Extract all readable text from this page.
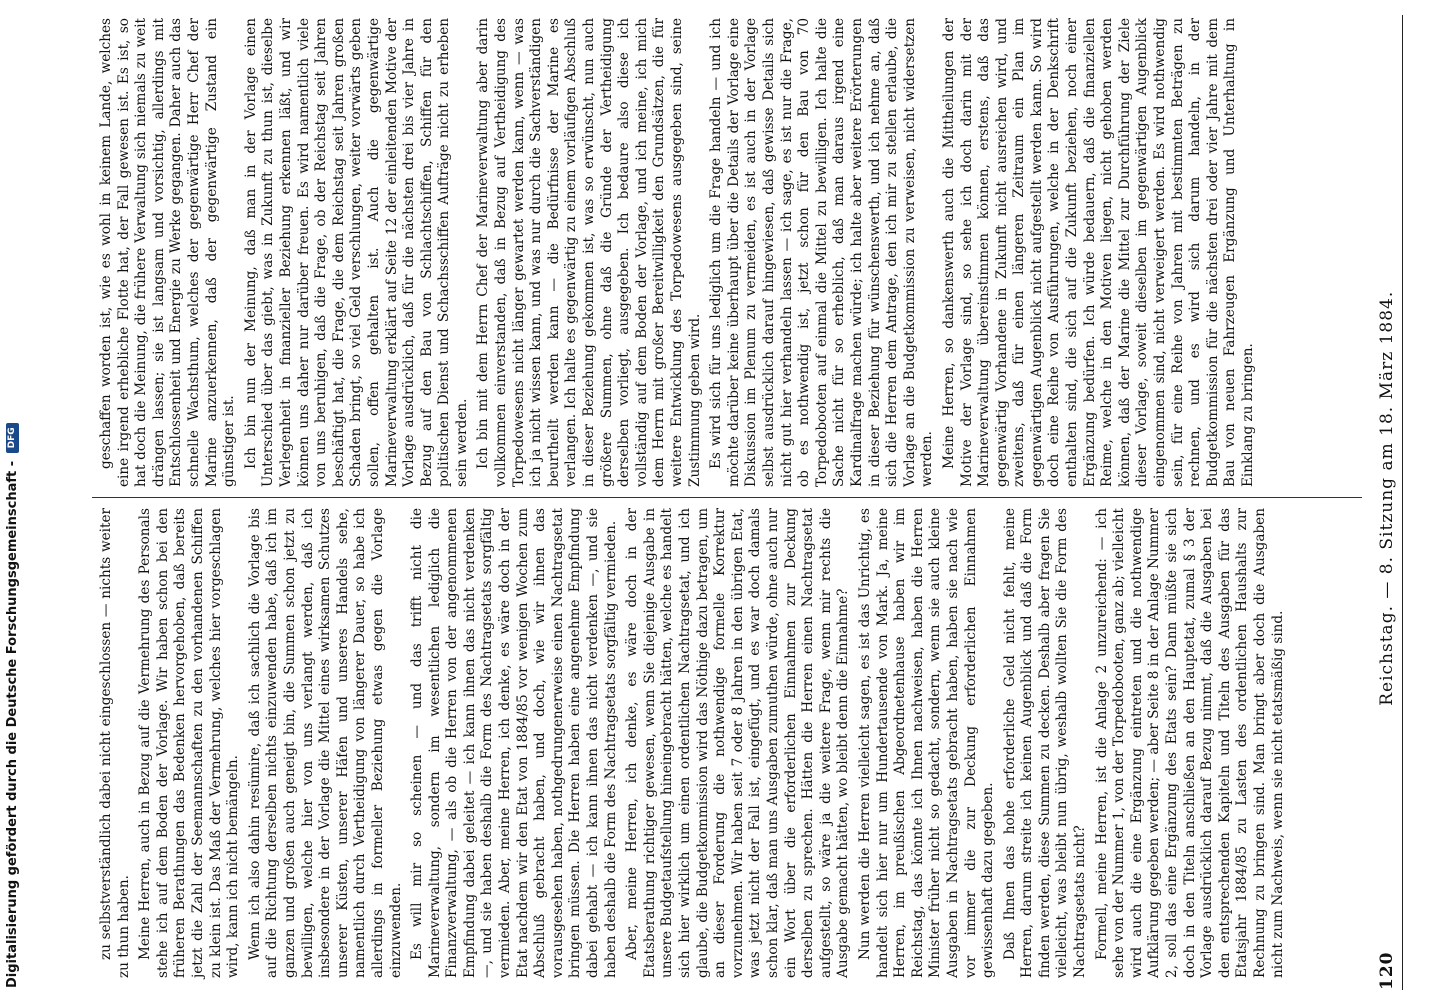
120
Reichstag. — 8. Sitzung am 18. März 1884.

geschaffen worden ist, wie es wohl in keinem Lande, welches eine irgend erhebliche Flotte hat, der Fall gewesen ist. Es ist, so hat doch die Meinung, die frühere Verwaltung sich niemals zu weit drängen lassen; sie ist langsam und vorsichtig, allerdings mit Entschlossenheit und Energie zu Werke gegangen. Daher auch das schnelle Wachsthum, welches der gegenwärtige Herr Chef der Marine anzuerkennen, daß der gegenwärtige Zustand ein günstiger ist. Ich bin nun der Meinung, daß man in der Vorlage einen Unterschied über das giebt, was in Zukunft zu thun ist, dieselbe Verlegenheit in finanzieller Beziehung erkennen läßt, und wir können uns daher nur darüber freuen. Es wird namentlich viele von uns beruhigen, daß die Frage, ob der Reichstag seit Jahren beschäftigt hat, die Frage, die dem Reichstag seit Jahren großen Schaden bringt, so viel Geld verschlungen, weiter vorwärts geben sollen, offen gehalten ist. Auch die gegenwärtige Marineverwaltung erklärt auf Seite 12 der einleitenden Motive der Vorlage ausdrücklich, daß für die nächsten drei bis vier Jahre in Bezug auf den Bau von Schlachtschiffen, Schiffen für den politischen Dienst und Schachsschiffen Aufträge nicht zu erheben sein werden. Ich bin mit dem Herrn Chef der Marineverwaltung aber darin vollkommen einverstanden, daß in Bezug auf Vertheidigung des Torpedowesens nicht länger gewartet werden kann, wenn — was ich ja nicht wissen kann, und was nur durch die Sachverständigen beurtheilt werden kann — die Bedürfnisse der Marine es verlangen. Ich halte es gegenwärtig zu einem vorläufigen Abschluß in dieser Beziehung gekommen ist, was so erwünscht, nun auch größere Summen, ohne daß die Gründe der Vertheidigung derselben vorliegt, ausgegeben. Ich bedaure also diese ich vollständig auf dem Boden der Vorlage, und ich meine, ich mich dem Herrn mit großer Bereitwilligkeit den Grundsätzen, die für weitere Entwicklung des Torpedowesens ausgegeben sind, seine Zustimmung geben wird. Es wird sich für uns lediglich um die Frage handeln — und ich möchte darüber keine überhaupt über die Details der Vorlage eine Diskussion im Plenum zu vermeiden, es ist auch in der Vorlage selbst ausdrücklich darauf hingewiesen, daß gewisse Details sich nicht gut hier verhandeln lassen — ich sage, es ist nur die Frage, ob es nothwendig ist, jetzt schon für den Bau von 70 Torpedobooten auf einmal die Mittel zu bewilligen. Ich halte die Sache nicht für so erheblich, daß man daraus irgend eine Kardinalfrage machen würde; ich halte aber weitere Erörterungen in dieser Beziehung für wünschenswerth, und ich nehme an, daß sich die Herren dem Antrage, den ich mir zu stellen erlaube, die Vorlage an die Budgetkommission zu verweisen, nicht widersetzen werden. Meine Herren, so dankenswerth auch die Mittheilungen der Motive der Vorlage sind, so sehe ich doch darin mit der Marineverwaltung übereinstimmen können, erstens, daß das gegenwärtig Vorhandene in Zukunft nicht ausreichen wird, und zweitens, daß für einen längeren Zeitraum ein Plan im gegenwärtigen Augenblick nicht aufgestellt werden kann. So wird doch eine Reihe von Ausführungen, welche in der Denkschrift enthalten sind, die sich auf die Zukunft beziehen, noch einer Ergänzung bedürfen. Ich würde bedauern, daß die finanziellen Reime, welche in den Motiven liegen, nicht gehoben werden können, daß der Marine die Mittel zur Durchführung der Ziele dieser Vorlage, soweit dieselben im gegenwärtigen Augenblick eingenommen sind, nicht verweigert werden. Es wird nothwendig sein, für eine Reihe von Jahren mit bestimmten Beträgen zu rechnen, und es wird sich darum handeln, in der Budgetkommission für die nächsten drei oder vier Jahre mit dem Bau von neuen Fahrzeugen Ergänzung und Unterhaltung in Einklang zu bringen.

zu selbstverständlich dabei nicht eingeschlossen — nichts weiter zu thun haben. Meine Herren, auch in Bezug auf die Vermehrung des Personals stehe ich auf dem Boden der Vorlage. Wir haben schon bei den früheren Berathungen das Bedenken hervorgehoben, daß bereits jetzt die Zahl der Seemannschaften zu den vorhandenen Schiffen zu klein ist. Das Maß der Vermehrung, welches hier vorgeschlagen wird, kann ich nicht bemängeln. Wenn ich also dahin resümire, daß ich sachlich die Vorlage bis auf die Richtung derselben nichts einzuwenden habe, daß ich im ganzen und großen auch geneigt bin, die Summen schon jetzt zu bewilligen, welche hier von uns verlangt werden, daß ich insbesondere in der Vorlage die Mittel eines wirksamen Schutzes unserer Küsten, unserer Häfen und unseres Handels sehe, namentlich durch Vertheidigung von längerer Dauer, so habe ich allerdings in formeller Beziehung etwas gegen die Vorlage einzuwenden. Es will mir so scheinen — und das trifft nicht die Marineverwaltung, sondern im wesentlichen lediglich die Finanzverwaltung, — als ob die Herren von der angenommenen Empfindung dabei geleitet — ich kann ihnen das nicht verdenken —, und sie haben deshalb die Form des Nachtragsetats sorgfältig vermieden. Aber, meine Herren, ich denke, es wäre doch in der Etat nachdem wir den Etat von 1884/85 vor wenigen Wochen zum Abschluß gebracht haben, und doch, wie wir ihnen das vorausgesehen haben, nothgedrungenerweise einen Nachtragsetat bringen müssen. Die Herren haben eine angenehme Empfindung dabei gehabt — ich kann ihnen das nicht verdenken —, und sie haben deshalb die Form des Nachtragsetats sorgfältig vermieden. Aber, meine Herren, ich denke, es wäre doch in der Etatsberathung richtiger gewesen, wenn Sie diejenige Ausgabe in unsere Budgetaufstellung hineingebracht hätten, welche es handelt sich hier wirklich um einen ordentlichen Nachtragsetat, und ich glaube, die Budgetkommission wird das Nöthige dazu betragen, um an dieser Forderung die nothwendige formelle Korrektur vorzunehmen. Wir haben seit 7 oder 8 Jahren in den übrigen Etat, was jetzt nicht der Fall ist, eingefügt, und es war doch damals schon klar, daß man uns Ausgaben zumuthen würde, ohne auch nur ein Wort über die erforderlichen Einnahmen zur Deckung derselben zu sprechen. Hätten die Herren einen Nachtragsetat aufgestellt, so wäre ja die weitere Frage, wenn mir rechts die Ausgabe gemacht hätten, wo bleibt denn die Einnahme? Nun werden die Herren vielleicht sagen, es ist das Unrichtig, es handelt sich hier nur um Hundertausende von Mark. Ja, meine Herren, im preußischen Abgeordnetenhause haben wir im Reichstag, das könnte ich Ihnen nachweisen, haben die Herren Minister früher nicht so gedacht, sondern, wenn sie auch kleine Ausgaben in Nachtragsetats gebracht haben, haben sie nach wie vor immer die zur Deckung erforderlichen Einnahmen gewissenhaft dazu gegeben. Daß Ihnen das hohe erforderliche Geld nicht fehlt, meine Herren, darum streite ich keinen Augenblick und daß die Form finden werden, diese Summen zu decken. Deshalb aber fragen Sie vielleicht, was bleibt nun übrig, weshalb wollten Sie die Form des Nachtragsetats nicht? Formell, meine Herren, ist die Anlage 2 unzureichend: — ich sehe von der Nummer 1, von der Torpedobooten, ganz ab; vielleicht wird auch die eine Ergänzung eintreten und die nothwendige Aufklärung gegeben werden; — aber Seite 8 in der Anlage Nummer 2, soll das eine Ergänzung des Etats sein? Dann müßte sie sich doch in den Titeln anschließen an den Hauptetat, zumal § 3 der Vorlage ausdrücklich darauf Bezug nimmt, daß die Ausgaben bei den entsprechenden Kapiteln und Titeln des Ausgaben für das Etatsjahr 1884/85 zu Lasten des ordentlichen Haushalts zur Rechnung zu bringen sind. Man bringt aber doch die Ausgaben nicht zum Nachweis, wenn sie nicht etatsmäßig sind.

Digitalisierung gefördert durch die Deutsche Forschungsgemeinschaft -
DFG
